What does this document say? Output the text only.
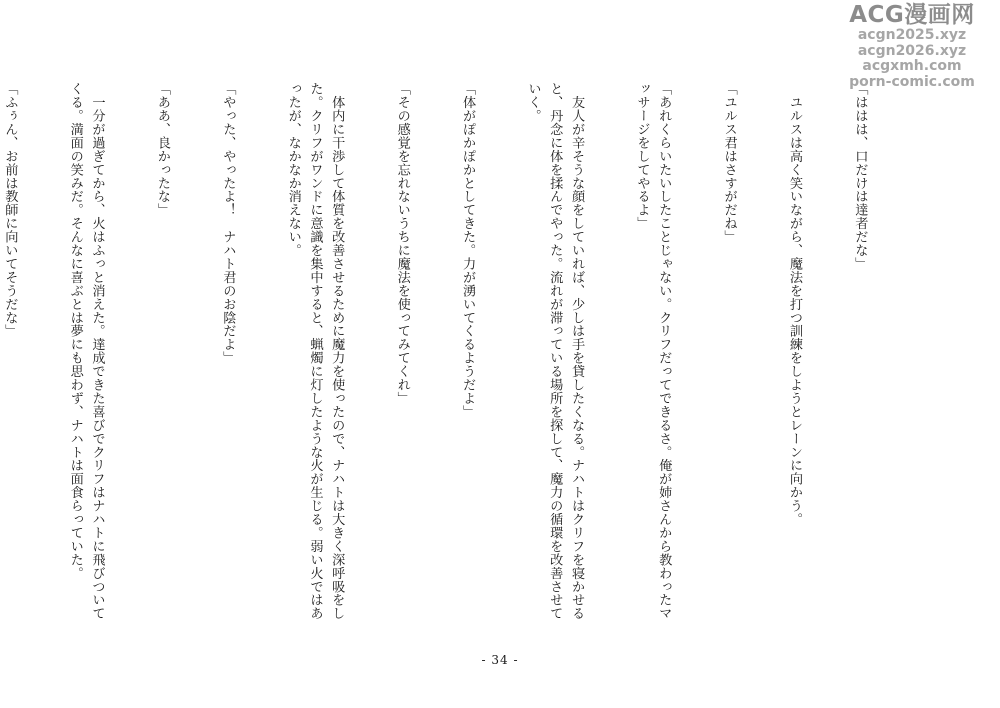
ACG漫画网
acgn2025.xyz
acgn2026.xyz
acgxmh.com
porn-comic.com

「ははは、口だけは達者だな」

　ユルスは高く笑いながら、魔法を打つ訓練をしようとレーンに向かう。

「ユルス君はさすがだね」

「あれくらいたいしたことじゃない。クリフだってできるさ。俺が姉さんから教わったマッサージをしてやるよ」

　友人が辛そうな顔をしていれば、少しは手を貸したくなる。ナハトはクリフを寝かせると、丹念に体を揉んでやった。流れが滞っている場所を探して、魔力の循環を改善させていく。

「体がぽかぽかとしてきた。力が湧いてくるようだよ」

「その感覚を忘れないうちに魔法を使ってみてくれ」

　体内に干渉して体質を改善させるために魔力を使ったので、ナハトは大きく深呼吸をした。クリフがワンドに意識を集中すると、蝋燭に灯したような火が生じる。弱い火ではあったが、なかなか消えない。

「やった、やったよ！　ナハト君のお陰だよ」

「ああ、良かったな」

　一分が過ぎてから、火はふっと消えた。達成できた喜びでクリフはナハトに飛びついてくる。満面の笑みだ。そんなに喜ぶとは夢にも思わず、ナハトは面食らっていた。

「ふぅん、お前は教師に向いてそうだな」

- 34 -
